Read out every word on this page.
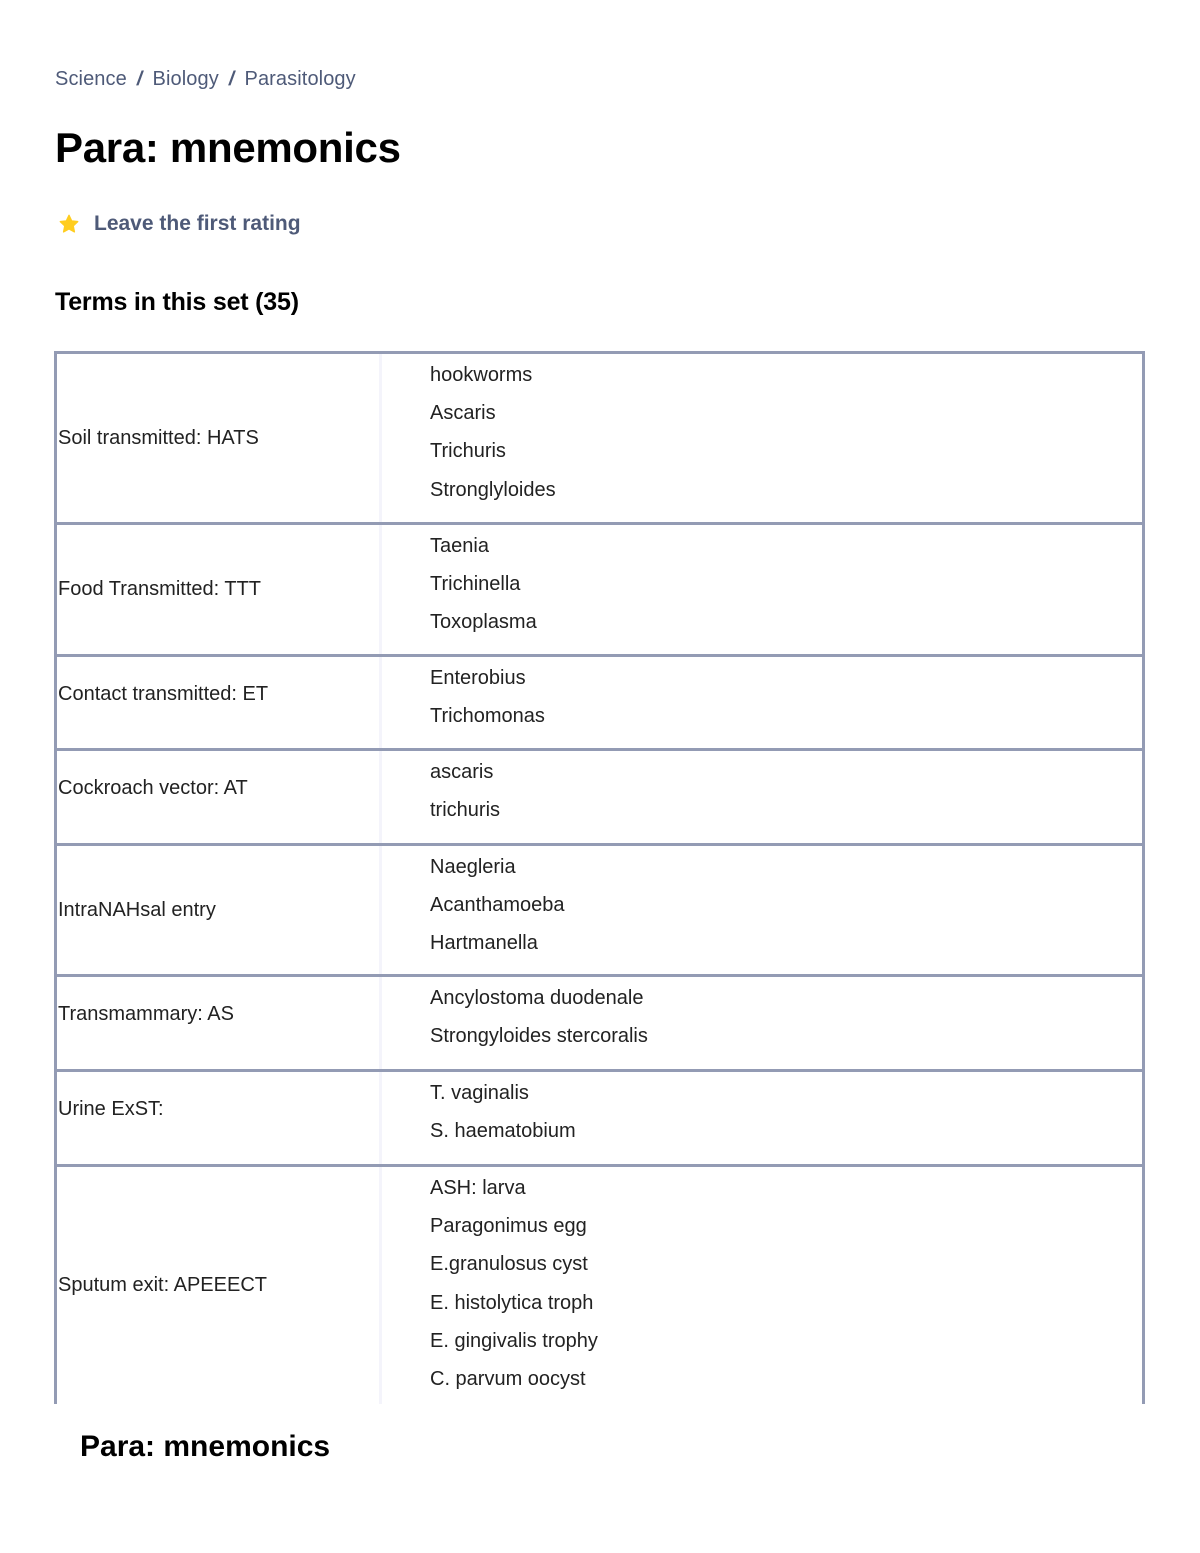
Science / Biology / Parasitology
Para: mnemonics
Leave the first rating
Terms in this set (35)
Soil transmitted: HATS
hookworms
Ascaris
Trichuris
Stronglyloides
Food Transmitted: TTT
Taenia
Trichinella
Toxoplasma
Contact transmitted: ET
Enterobius
Trichomonas
Cockroach vector: AT
ascaris
trichuris
IntraNAHsal entry
Naegleria
Acanthamoeba
Hartmanella
Transmammary: AS
Ancylostoma duodenale
Strongyloides stercoralis
Urine ExST:
T. vaginalis
S. haematobium
Sputum exit: APEEECT
ASH: larva
Paragonimus egg
E.granulosus cyst
E. histolytica troph
E. gingivalis trophy
C. parvum oocyst
Para: mnemonics
